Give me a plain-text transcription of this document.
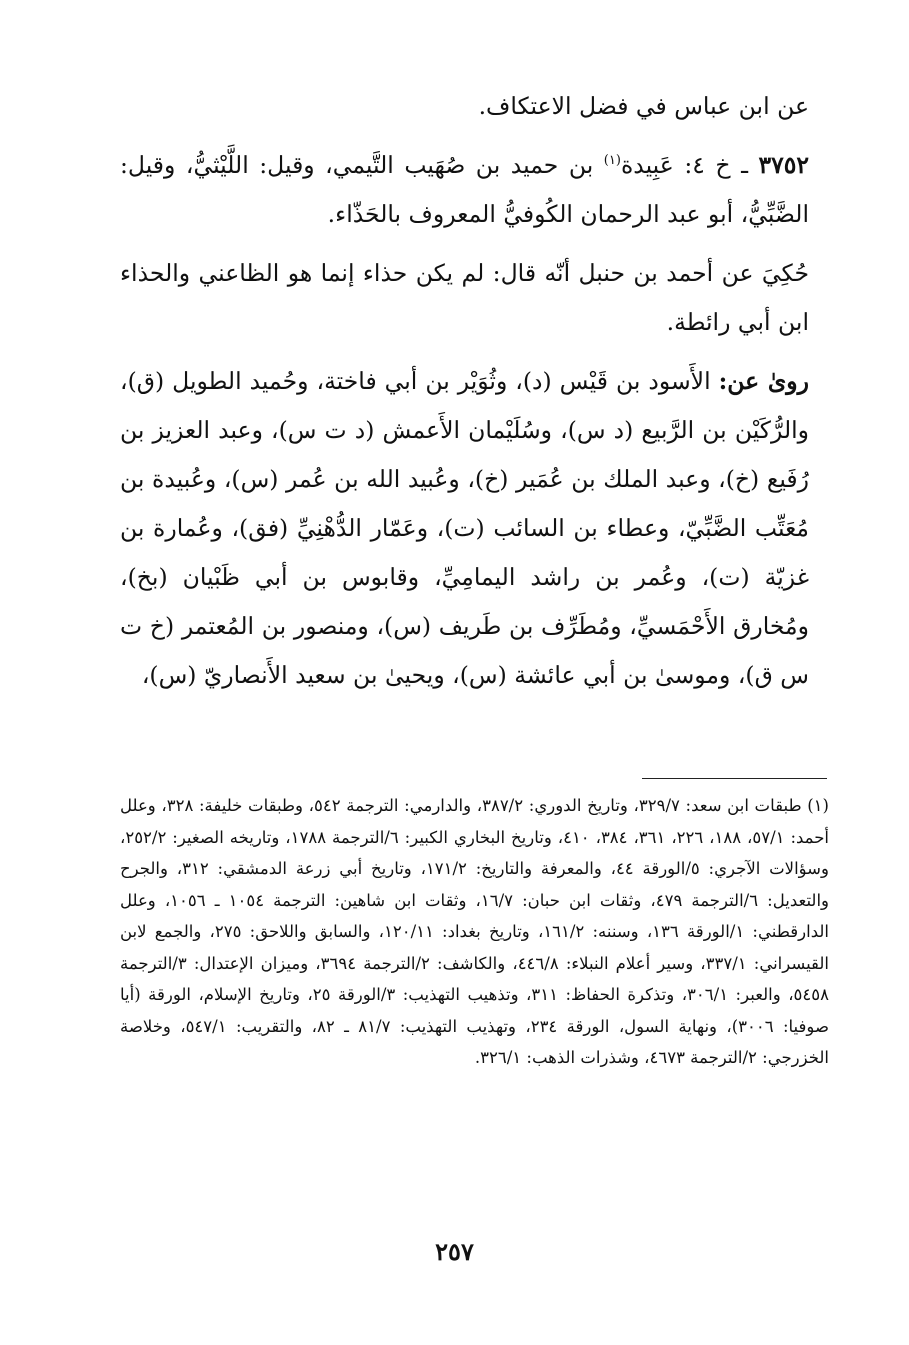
عن ابن عباس في فضل الاعتكاف.

٣٧٥٢ ـ خ ٤: عَبِيدة$^{(١)}$ بن حميد بن صُهَيب التَّيمي، وقيل: اللَّيْثيُّ، وقيل: الضَّبِّيُّ، أبو عبد الرحمان الكُوفيُّ المعروف بالحَذّاء.

حُكِيَ عن أحمد بن حنبل أنّه قال: لم يكن حذاء إنما هو الظاعني والحذاء ابن أبي رائطة.

روىٰ عن: الأَسود بن قَيْس (د)، وثُوَيْر بن أبي فاختة، وحُميد الطويل (ق)، والرُّكَيْن بن الرَّبيع (د س)، وسُلَيْمان الأَعمش (د ت س)، وعبد العزيز بن رُفَيع (خ)، وعبد الملك بن عُمَير (خ)، وعُبيد الله بن عُمر (س)، وعُبيدة بن مُعَتِّب الضَّبِّيّ، وعطاء بن السائب (ت)، وعَمّار الدُّهْنِيِّ (فق)، وعُمارة بن غزيّة (ت)، وعُمر بن راشد اليمامِيِّ، وقابوس بن أبي ظَبْيان (بخ)، ومُخارق الأَحْمَسيِّ، ومُطَرِّف بن طَريف (س)، ومنصور بن المُعتمر (خ ت س ق)، وموسىٰ بن أبي عائشة (س)، ويحيىٰ بن سعيد الأَنصاريّ (س)،

(١) طبقات ابن سعد: ٣٢٩/٧، وتاريخ الدوري: ٣٨٧/٢، والدارمي: الترجمة ٥٤٢، وطبقات خليفة: ٣٢٨، وعلل أحمد: ٥٧/١، ١٨٨، ٢٢٦، ٣٦١، ٣٨٤، ٤١٠، وتاريخ البخاري الكبير: ٦/الترجمة ١٧٨٨، وتاريخه الصغير: ٢٥٢/٢، وسؤالات الآجري: ٥/الورقة ٤٤، والمعرفة والتاريخ: ١٧١/٢، وتاريخ أبي زرعة الدمشقي: ٣١٢، والجرح والتعديل: ٦/الترجمة ٤٧٩، وثقات ابن حبان: ١٦/٧، وثقات ابن شاهين: الترجمة ١٠٥٤ ـ ١٠٥٦، وعلل الدارقطني: ١/الورقة ١٣٦، وسننه: ١٦١/٢، وتاريخ بغداد: ١٢٠/١١، والسابق واللاحق: ٢٧٥، والجمع لابن القيسراني: ٣٣٧/١، وسير أعلام النبلاء: ٤٤٦/٨، والكاشف: ٢/الترجمة ٣٦٩٤، وميزان الإعتدال: ٣/الترجمة ٥٤٥٨، والعبر: ٣٠٦/١، وتذكرة الحفاظ: ٣١١، وتذهيب التهذيب: ٣/الورقة ٢٥، وتاريخ الإسلام، الورقة (أيا صوفيا: ٣٠٠٦)، ونهاية السول، الورقة ٢٣٤، وتهذيب التهذيب: ٨١/٧ ـ ٨٢، والتقريب: ٥٤٧/١، وخلاصة الخزرجي: ٢/الترجمة ٤٦٧٣، وشذرات الذهب: ٣٢٦/١.

٢٥٧
